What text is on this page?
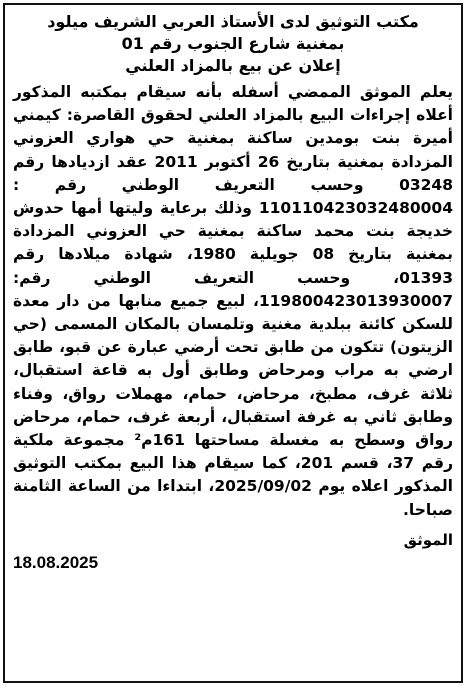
مكتب التوثيق لدى الأستاذ العربي الشريف ميلود
بمغنية شارع الجنوب رقم 01
إعلان عن بيع بالمزاد العلني
يعلم الموثق الممضي أسفله بأنه سيقام بمكتبه المذكور أعلاه إجراءات البيع بالمزاد العلني لحقوق القاصرة: كيمني أميرة بنت بومدين ساكنة بمغنية حي هواري العزوني المزدادة بمغنية بتاريخ 26 أكتوبر 2011 عقد ازديادها رقم 03248 وحسب التعريف الوطني رقم : 110110423032480004 وذلك برعاية وليتها أمها حدوش خديجة بنت محمد ساكنة بمغنية حي العزوني المزدادة بمغنية بتاريخ 08 جويلية 1980، شهادة ميلادها رقم 01393، وحسب التعريف الوطني رقم: 119800423013930007، لبيع جميع منابها من دار معدة للسكن كائنة ببلدية مغنية وتلمسان بالمكان المسمى (حي الزيتون) تتكون من طابق تحت أرضي عبارة عن قبو، طابق ارضي به مراب ومرحاض وطابق أول به قاعة استقبال، ثلاثة غرف، مطبخ، مرحاض، حمام، مهملات رواق، وفناء وطابق ثاني به غرفة استقبال، أربعة غرف، حمام، مرحاض رواق وسطح به مغسلة مساحتها 161م² مجموعة ملكية رقم 37، قسم 201، كما سيقام هذا البيع بمكتب التوثيق المذكور اعلاه يوم 2025/09/02، ابتداءا من الساعة الثامنة صباحا.
الموثق
18.08.2025
